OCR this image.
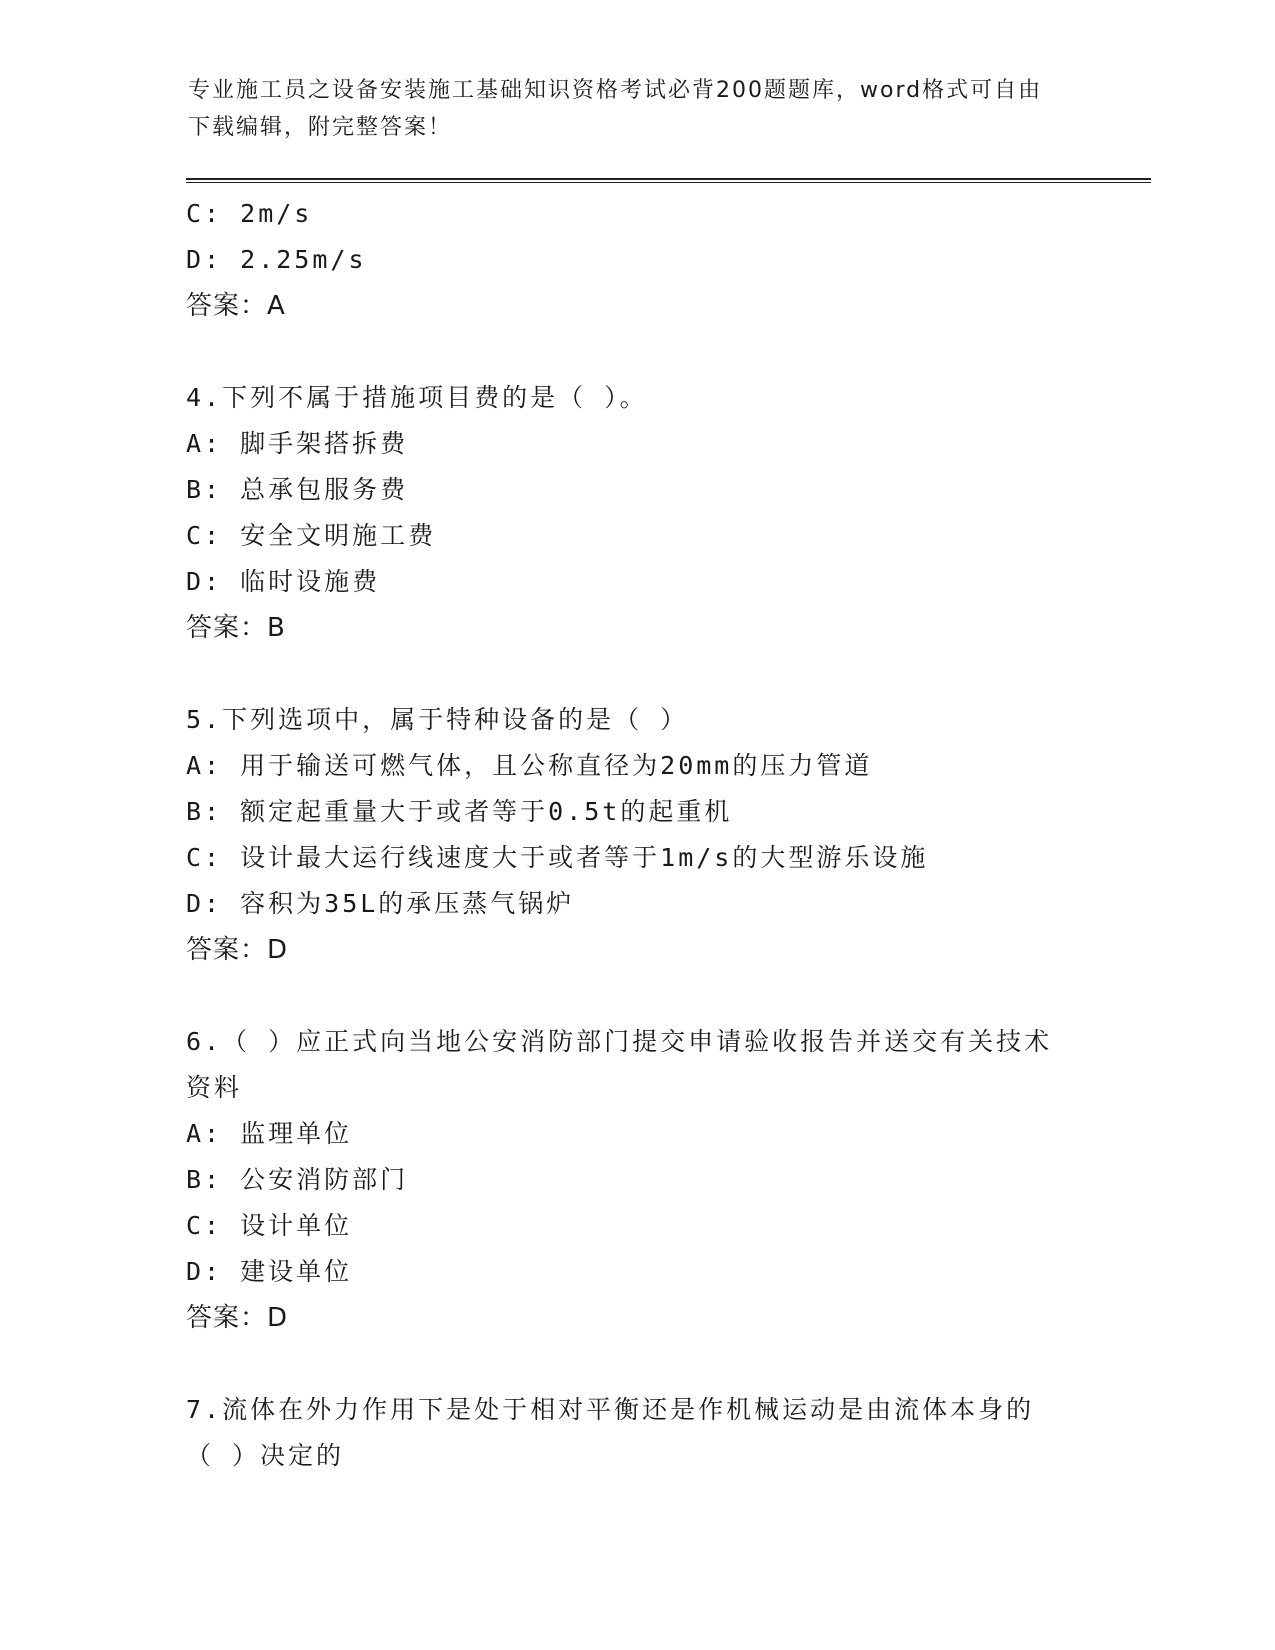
专业施工员之设备安装施工基础知识资格考试必背200题题库，word格式可自由
下载编辑，附完整答案！
C: 2m/s
D: 2.25m/s
答案：A
4.下列不属于措施项目费的是（ ）。
A: 脚手架搭拆费
B: 总承包服务费
C: 安全文明施工费
D: 临时设施费
答案：B
5.下列选项中，属于特种设备的是（ ）
A: 用于输送可燃气体，且公称直径为20mm的压力管道
B: 额定起重量大于或者等于0.5t的起重机
C: 设计最大运行线速度大于或者等于1m/s的大型游乐设施
D: 容积为35L的承压蒸气锅炉
答案：D
6.（ ）应正式向当地公安消防部门提交申请验收报告并送交有关技术
资料
A: 监理单位
B: 公安消防部门
C: 设计单位
D: 建设单位
答案：D
7.流体在外力作用下是处于相对平衡还是作机械运动是由流体本身的
（ ）决定的
